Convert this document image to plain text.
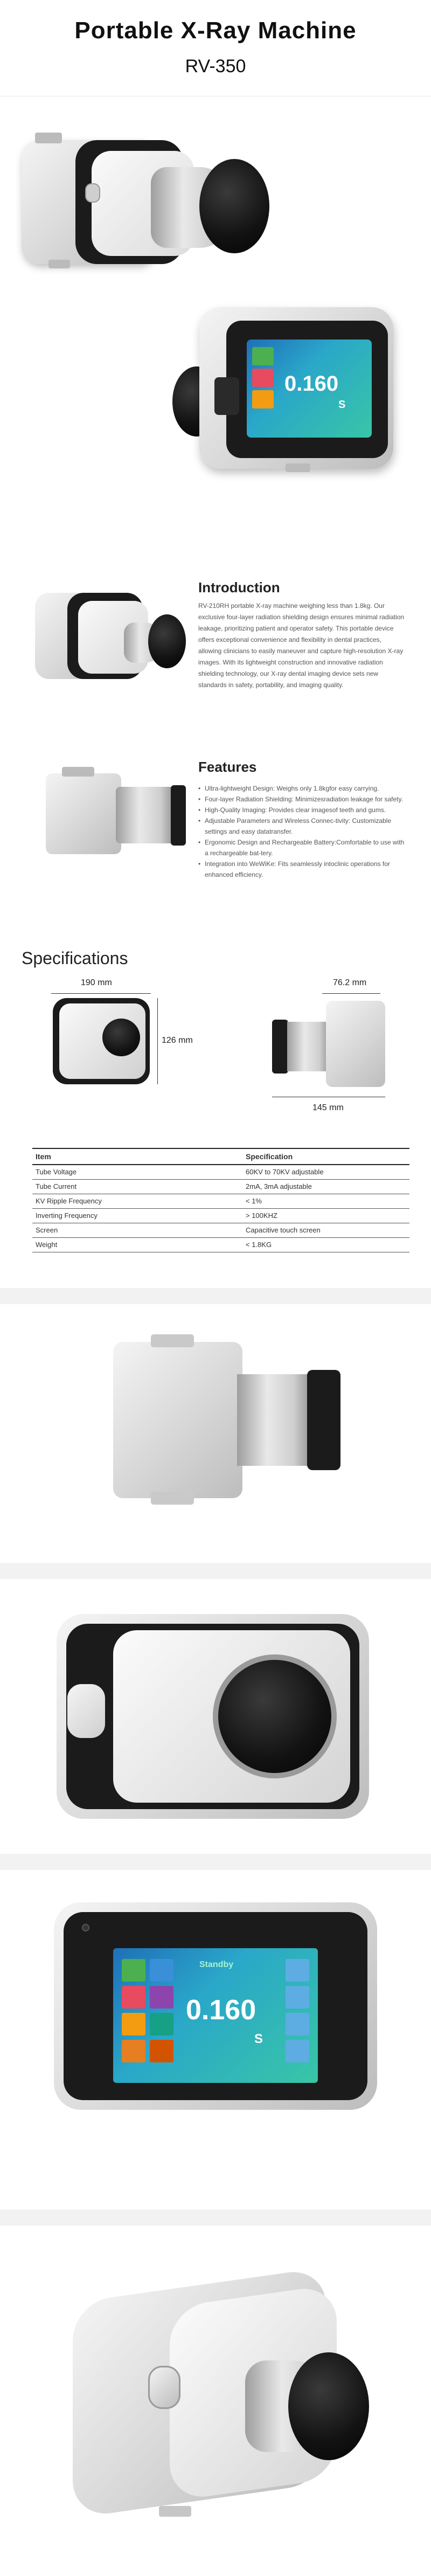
Portable X-Ray Machine
RV-350
0.160
S
Introduction
RV-210RH portable X-ray machine weighing less than 1.8kg. Our exclusive four-layer radiation shielding design ensures minimal radiation leakage, prioritizing patient and operator safety. This portable device offers exceptional convenience and flexibility in dental practices, allowing clinicians to easily maneuver and capture high-resolution X-ray images. With its lightweight construction and innovative radiation shielding technology, our X-ray dental imaging device sets new standards in safety, portability, and imaging quality.
Features
• Ultra-lightweight Design: Weighs only 1.8kgfor easy carrying.
• Four-layer Radiation Shielding: Minimizesradiation leakage for safety.
• High-Quality Imaging: Provides clear imagesof teeth and gums.
• Adjustable Parameters and Wireless Connec-tivity: Customizable settings and easy datatransfer.
• Ergonomic Design and Rechargeable Battery:Comfortable to use with a rechargeable bat-tery.
• Integration into WeWiKe: Fits seamlessly intoclinic operations for enhanced efficiency.
Specifications
190 mm
126 mm
76.2 mm
145 mm
Item	Specification
Tube Voltage	60KV to 70KV adjustable
Tube Current	2mA, 3mA adjustable
KV Ripple Frequency	< 1%
Inverting Frequency	> 100KHZ
Screen	Capacitive touch screen
Weight	< 1.8KG
Standby
0.160
S
